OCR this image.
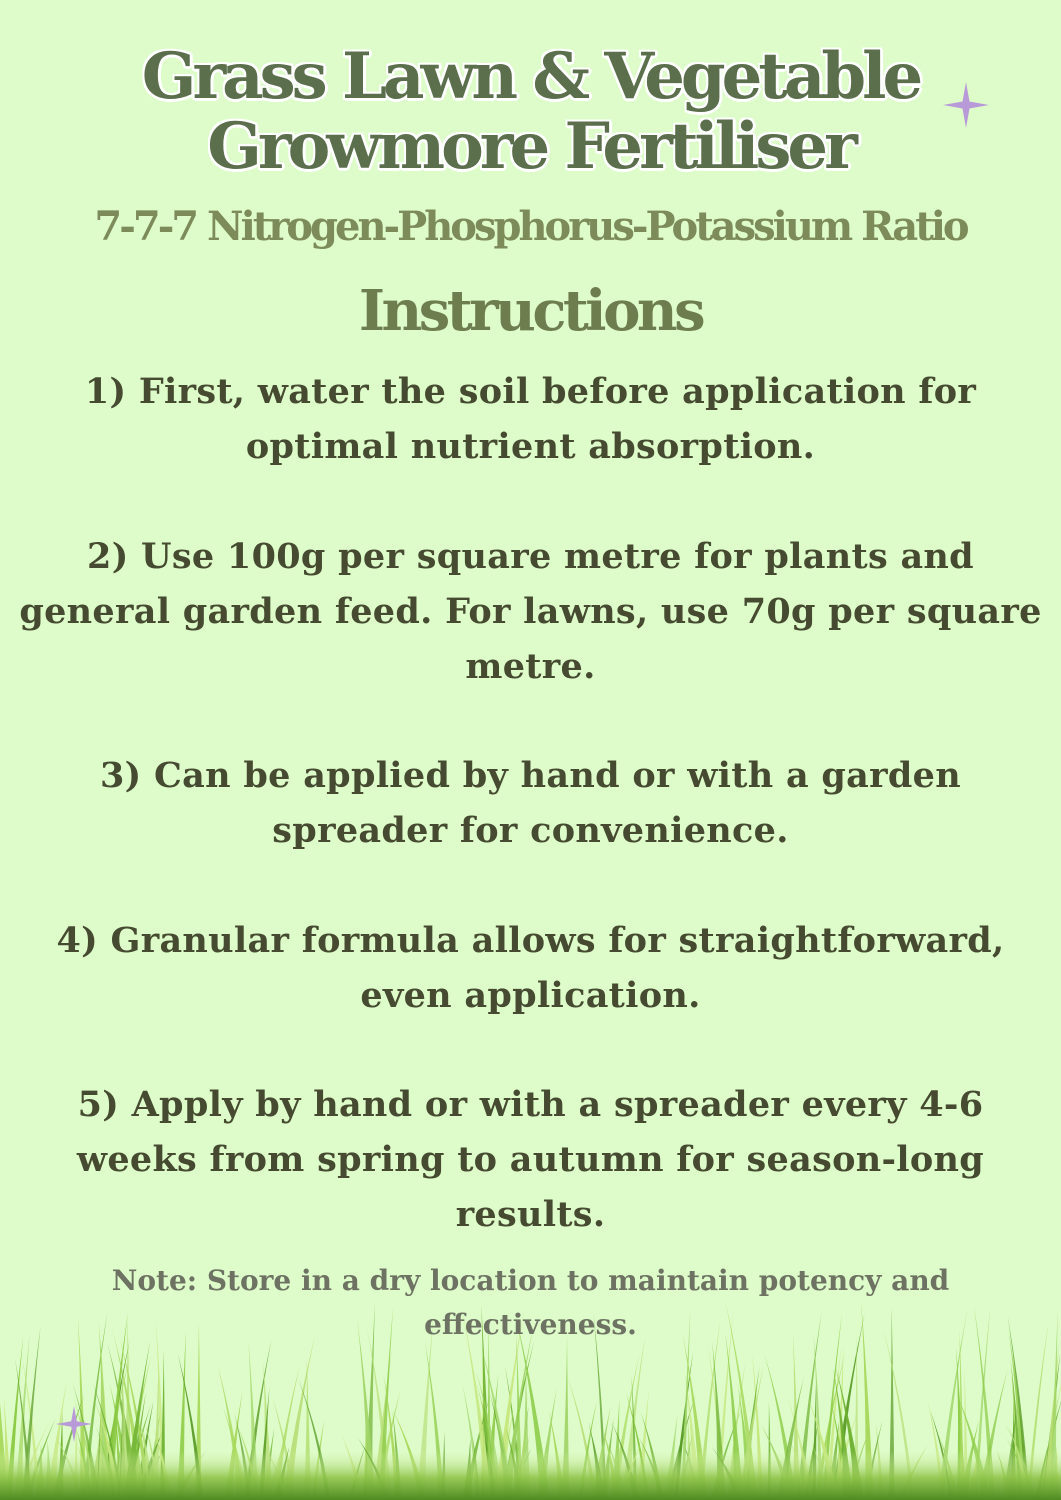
Grass Lawn & Vegetable
Growmore Fertiliser
7-7-7 Nitrogen-Phosphorus-Potassium Ratio
Instructions
1) First, water the soil before application for optimal nutrient absorption.
2) Use 100g per square metre for plants and general garden feed. For lawns, use 70g per square metre.
3) Can be applied by hand or with a garden spreader for convenience.
4) Granular formula allows for straightforward, even application.
5) Apply by hand or with a spreader every 4-6 weeks from spring to autumn for season-long results.
Note: Store in a dry location to maintain potency and effectiveness.
